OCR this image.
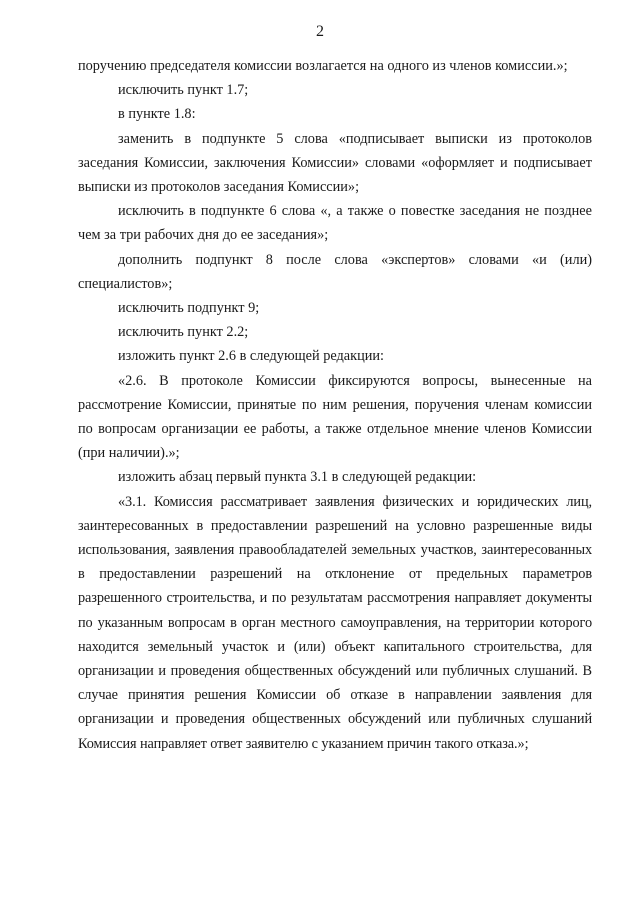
2

поручению председателя комиссии возлагается на одного из членов комиссии.»;

исключить пункт 1.7;

в пункте 1.8:

заменить в подпункте 5 слова «подписывает выписки из протоколов заседания Комиссии, заключения Комиссии» словами «оформляет и подписывает выписки из протоколов заседания Комиссии»;

исключить в подпункте 6 слова «, а также о повестке заседания не позднее чем за три рабочих дня до ее заседания»;

дополнить подпункт 8 после слова «экспертов» словами «и (или) специалистов»;

исключить подпункт 9;

исключить пункт 2.2;

изложить пункт 2.6 в следующей редакции:

«2.6. В протоколе Комиссии фиксируются вопросы, вынесенные на рассмотрение Комиссии, принятые по ним решения, поручения членам комиссии по вопросам организации ее работы, а также отдельное мнение членов Комиссии (при наличии).»;

изложить абзац первый пункта 3.1 в следующей редакции:

«3.1. Комиссия рассматривает заявления физических и юридических лиц, заинтересованных в предоставлении разрешений на условно разрешенные виды использования, заявления правообладателей земельных участков, заинтересованных в предоставлении разрешений на отклонение от предельных параметров разрешенного строительства, и по результатам рассмотрения направляет документы по указанным вопросам в орган местного самоуправления, на территории которого находится земельный участок и (или) объект капитального строительства, для организации и проведения общественных обсуждений или публичных слушаний. В случае принятия решения Комиссии об отказе в направлении заявления для организации и проведения общественных обсуждений или публичных слушаний Комиссия направляет ответ заявителю с указанием причин такого отказа.»;
